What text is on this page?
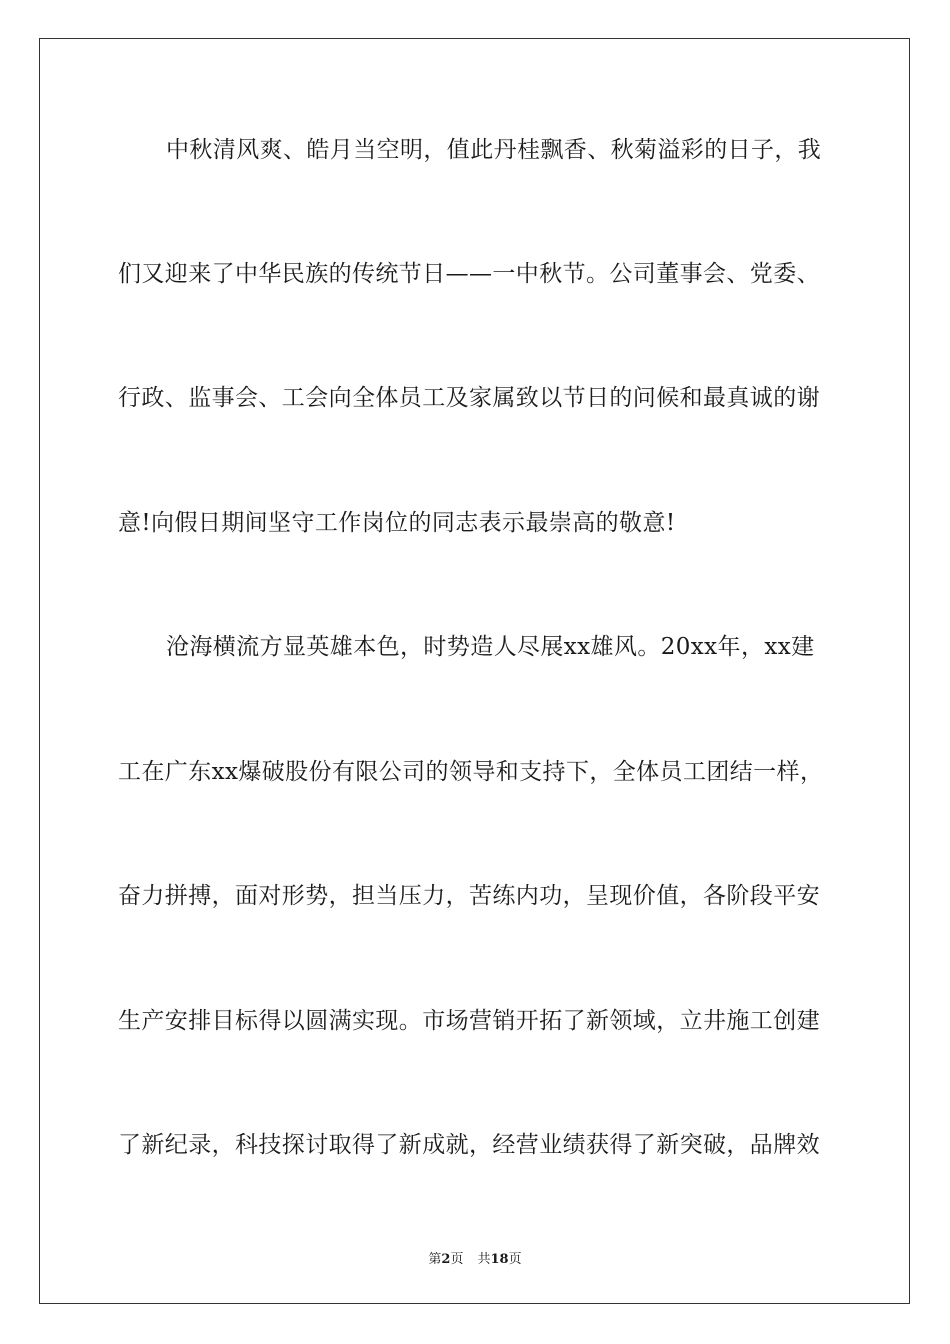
中秋清风爽、皓月当空明，值此丹桂飘香、秋菊溢彩的日子，我
们又迎来了中华民族的传统节日——一中秋节。公司董事会、党委、
行政、监事会、工会向全体员工及家属致以节日的问候和最真诚的谢
意!向假日期间坚守工作岗位的同志表示最崇高的敬意!
沧海横流方显英雄本色，时势造人尽展xx雄风。20xx年，xx建
工在广东xx爆破股份有限公司的领导和支持下，全体员工团结一样，
奋力拼搏，面对形势，担当压力，苦练内功，呈现价值，各阶段平安
生产安排目标得以圆满实现。市场营销开拓了新领域，立井施工创建
了新纪录，科技探讨取得了新成就，经营业绩获得了新突破，品牌效
第2页 共18页
